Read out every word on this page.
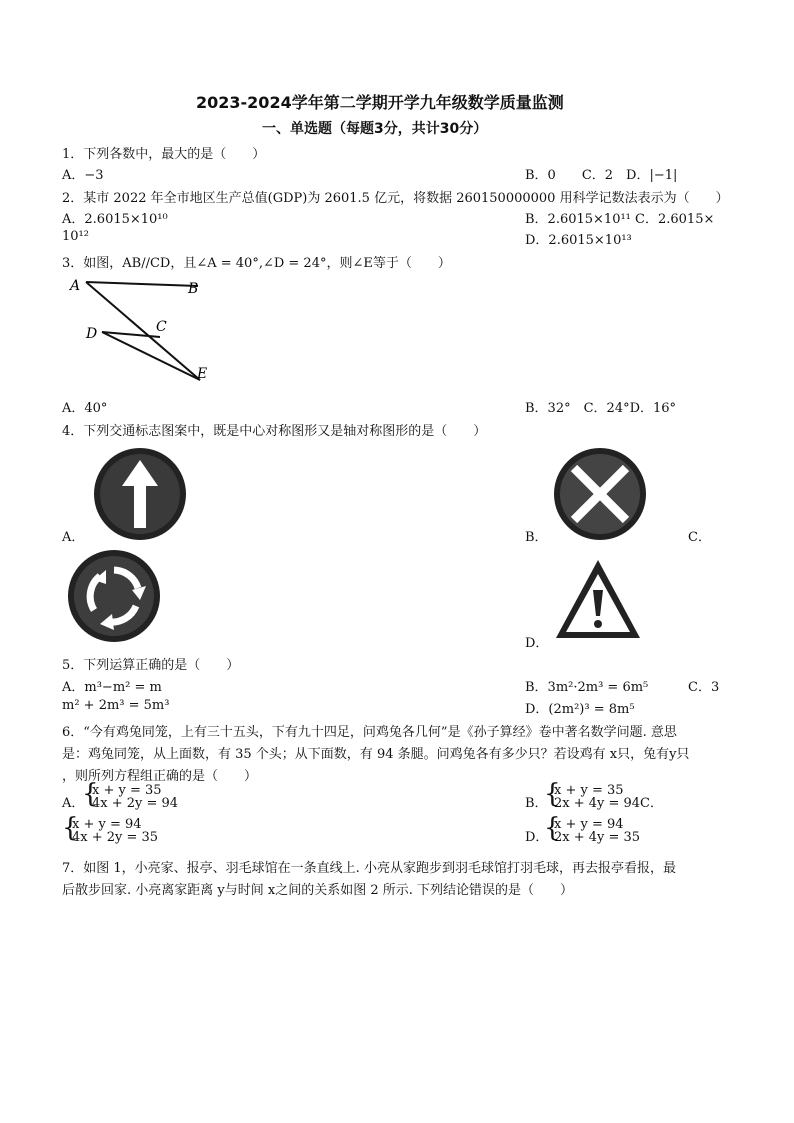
2023-2024学年第二学期开学九年级数学质量监测
一、单选题（每题3分，共计30分）
1．下列各数中，最大的是（　　）
A．−3	B．0　　C．2　D．|−1|
2．某市 2022 年全市地区生产总值(GDP)为 2601.5 亿元，将数据 260150000000 用科学记数法表示为（　　）
A．2.6015×10¹⁰	B．2.6015×10¹¹ C．2.6015×
10¹²	D．2.6015×10¹³
3．如图，AB//CD，且∠A = 40°,∠D = 24°，则∠E等于（　　）
A	B
C
D
E
A．40°	B．32°　C．24°D．16°
4．下列交通标志图案中，既是中心对称图形又是轴对称图形的是（　　）
A．	B．	C．
D．
5．下列运算正确的是（　　）
A．m³−m² = m	B．3m²·2m³ = 6m⁵	C．3
m² + 2m³ = 5m³	D．(2m²)³ = 8m⁵
6．“今有鸡兔同笼，上有三十五头，下有九十四足，问鸡兔各几何”是《孙子算经》卷中著名数学问题. 意思
是：鸡兔同笼，从上面数，有 35 个头；从下面数，有 94 条腿。问鸡兔各有多少只？若设鸡有 x只，兔有y只
，则所列方程组正确的是（　　）
A．
{
x + y = 35
4x + 2y = 94	B．
{
x + y = 35
2x + 4y = 94 C．
{
x + y = 94
4x + 2y = 35	D．
{
x + y = 94
2x + 4y = 35
7．如图 1，小亮家、报亭、羽毛球馆在一条直线上. 小亮从家跑步到羽毛球馆打羽毛球，再去报亭看报，最
后散步回家. 小亮离家距离 y与时间 x之间的关系如图 2 所示. 下列结论错误的是（　　）
